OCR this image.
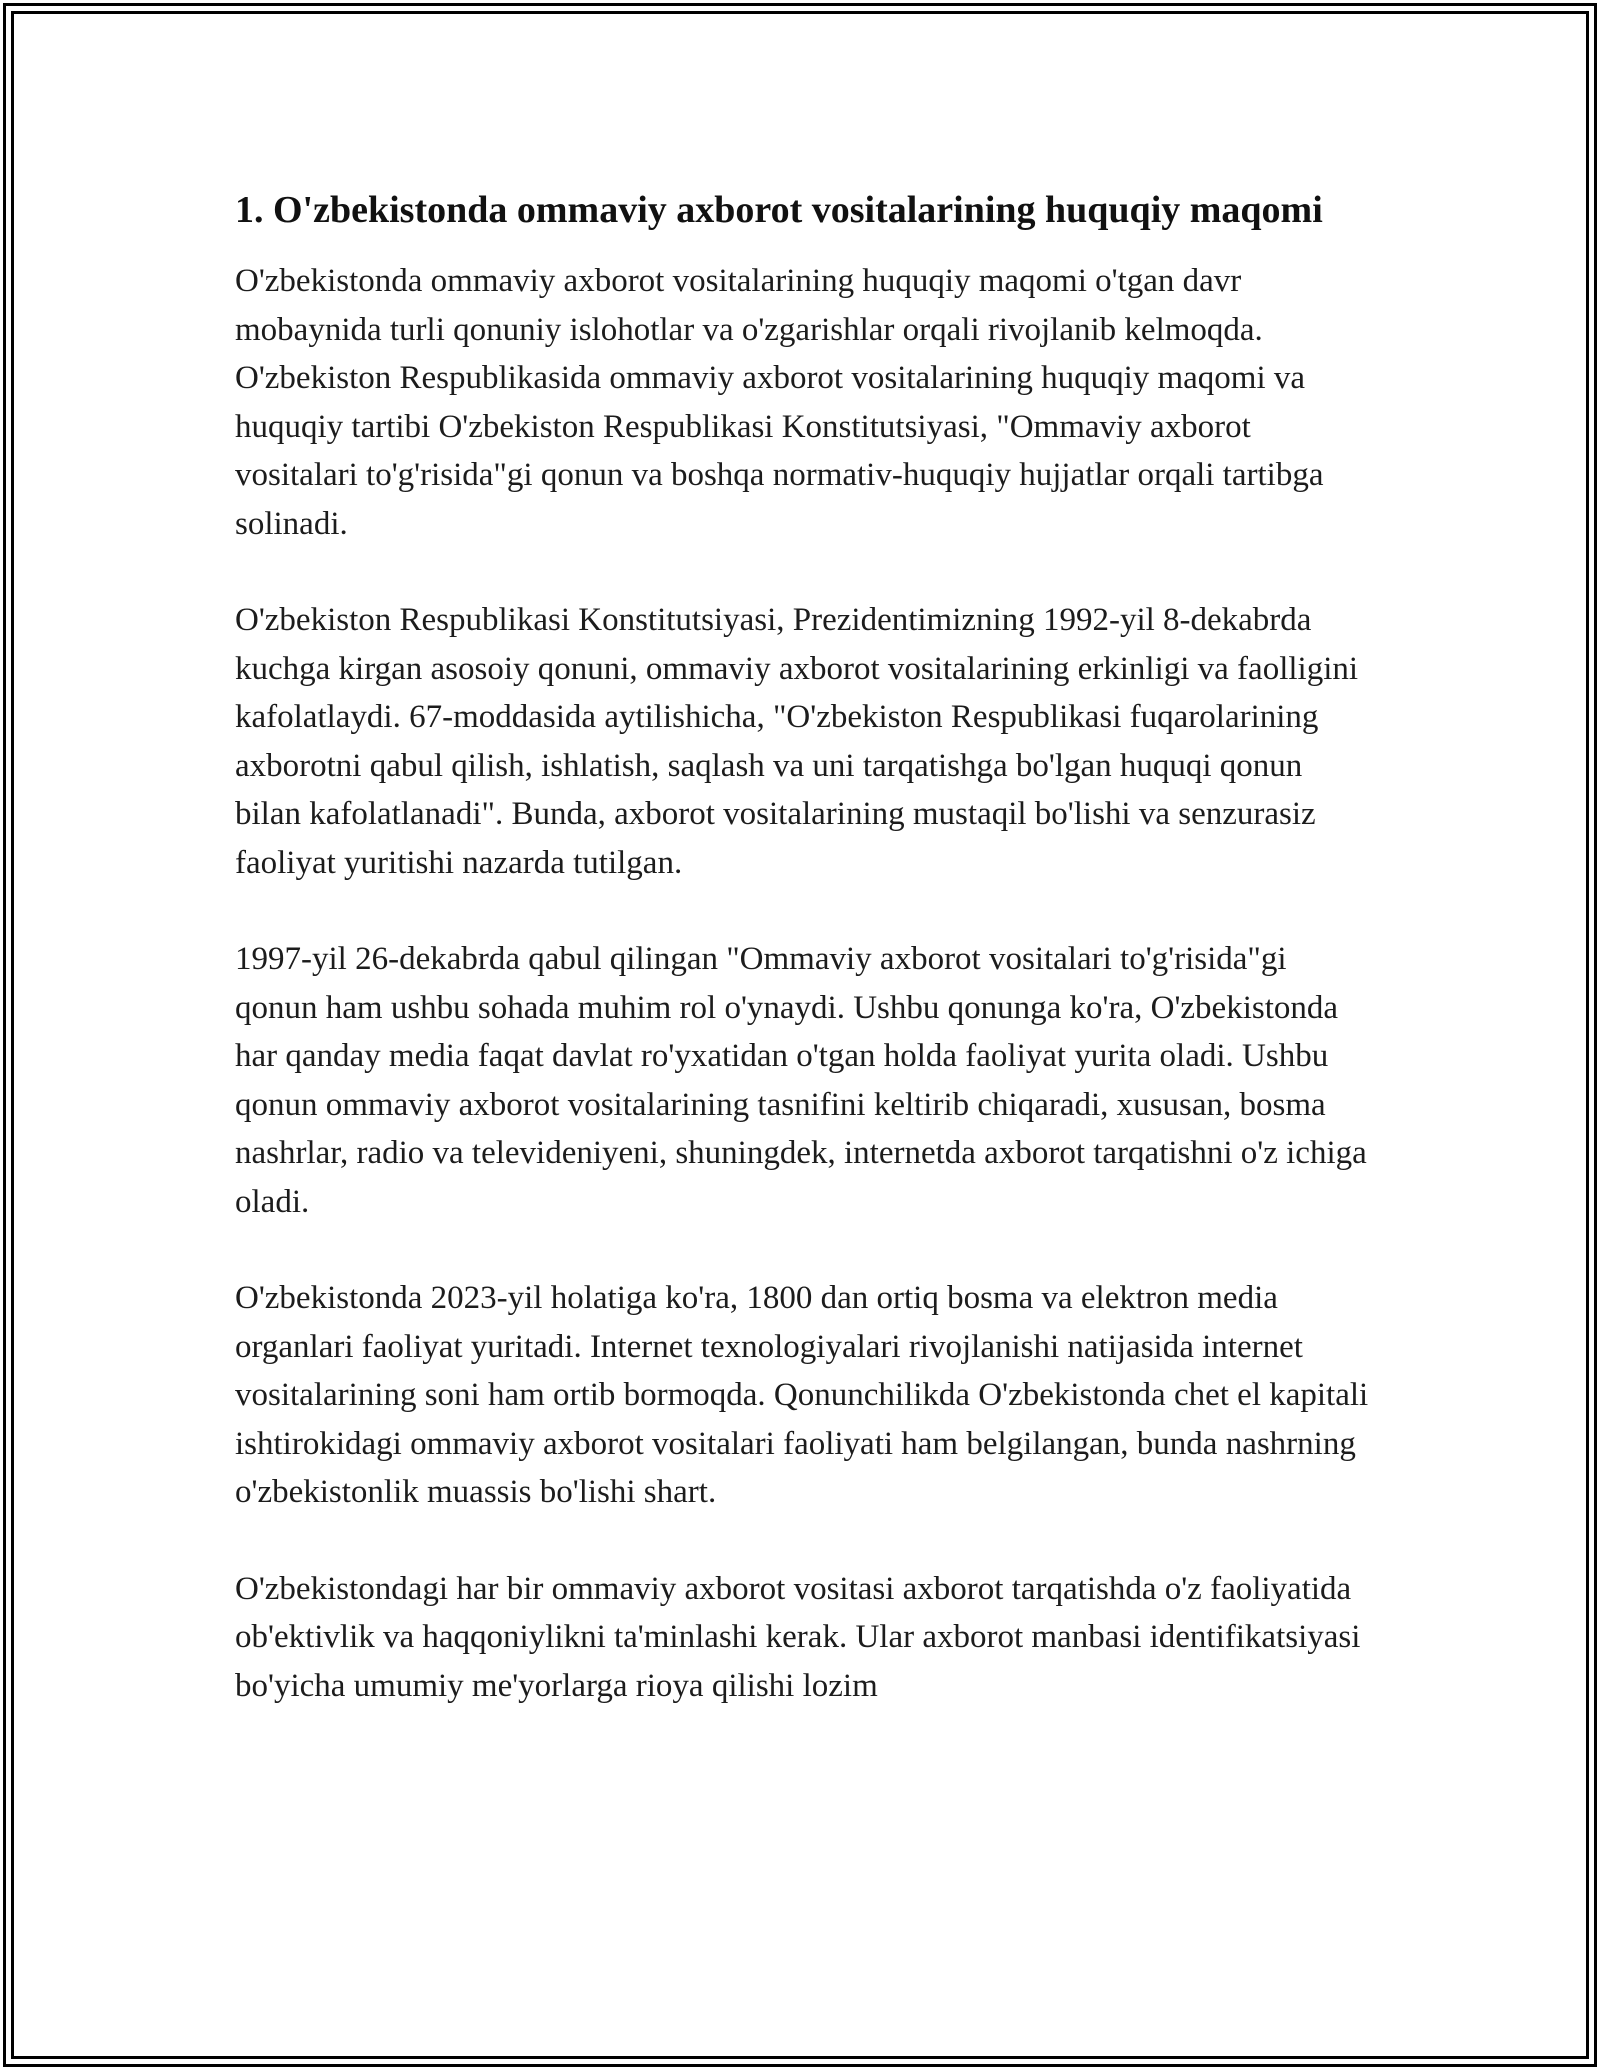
1. O'zbekistonda ommaviy axborot vositalarining huquqiy maqomi

O'zbekistonda ommaviy axborot vositalarining huquqiy maqomi o'tgan davr mobaynida turli qonuniy islohotlar va o'zgarishlar orqali rivojlanib kelmoqda. O'zbekiston Respublikasida ommaviy axborot vositalarining huquqiy maqomi va huquqiy tartibi O'zbekiston Respublikasi Konstitutsiyasi, "Ommaviy axborot vositalari to'g'risida"gi qonun va boshqa normativ-huquqiy hujjatlar orqali tartibga solinadi.

O'zbekiston Respublikasi Konstitutsiyasi, Prezidentimizning 1992-yil 8-dekabrda kuchga kirgan asosoiy qonuni, ommaviy axborot vositalarining erkinligi va faolligini kafolatlaydi. 67-moddasida aytilishicha, "O'zbekiston Respublikasi fuqarolarining axborotni qabul qilish, ishlatish, saqlash va uni tarqatishga bo'lgan huquqi qonun bilan kafolatlanadi". Bunda, axborot vositalarining mustaqil bo'lishi va senzurasiz faoliyat yuritishi nazarda tutilgan.

1997-yil 26-dekabrda qabul qilingan "Ommaviy axborot vositalari to'g'risida"gi qonun ham ushbu sohada muhim rol o'ynaydi. Ushbu qonunga ko'ra, O'zbekistonda har qanday media faqat davlat ro'yxatidan o'tgan holda faoliyat yurita oladi. Ushbu qonun ommaviy axborot vositalarining tasnifini keltirib chiqaradi, xususan, bosma nashrlar, radio va televideniyeni, shuningdek, internetda axborot tarqatishni o'z ichiga oladi.

O'zbekistonda 2023-yil holatiga ko'ra, 1800 dan ortiq bosma va elektron media organlari faoliyat yuritadi. Internet texnologiyalari rivojlanishi natijasida internet vositalarining soni ham ortib bormoqda. Qonunchilikda O'zbekistonda chet el kapitali ishtirokidagi ommaviy axborot vositalari faoliyati ham belgilangan, bunda nashrning o'zbekistonlik muassis bo'lishi shart.

O'zbekistondagi har bir ommaviy axborot vositasi axborot tarqatishda o'z faoliyatida ob'ektivlik va haqqoniylikni ta'minlashi kerak. Ular axborot manbasi identifikatsiyasi bo'yicha umumiy me'yorlarga rioya qilishi lozim
